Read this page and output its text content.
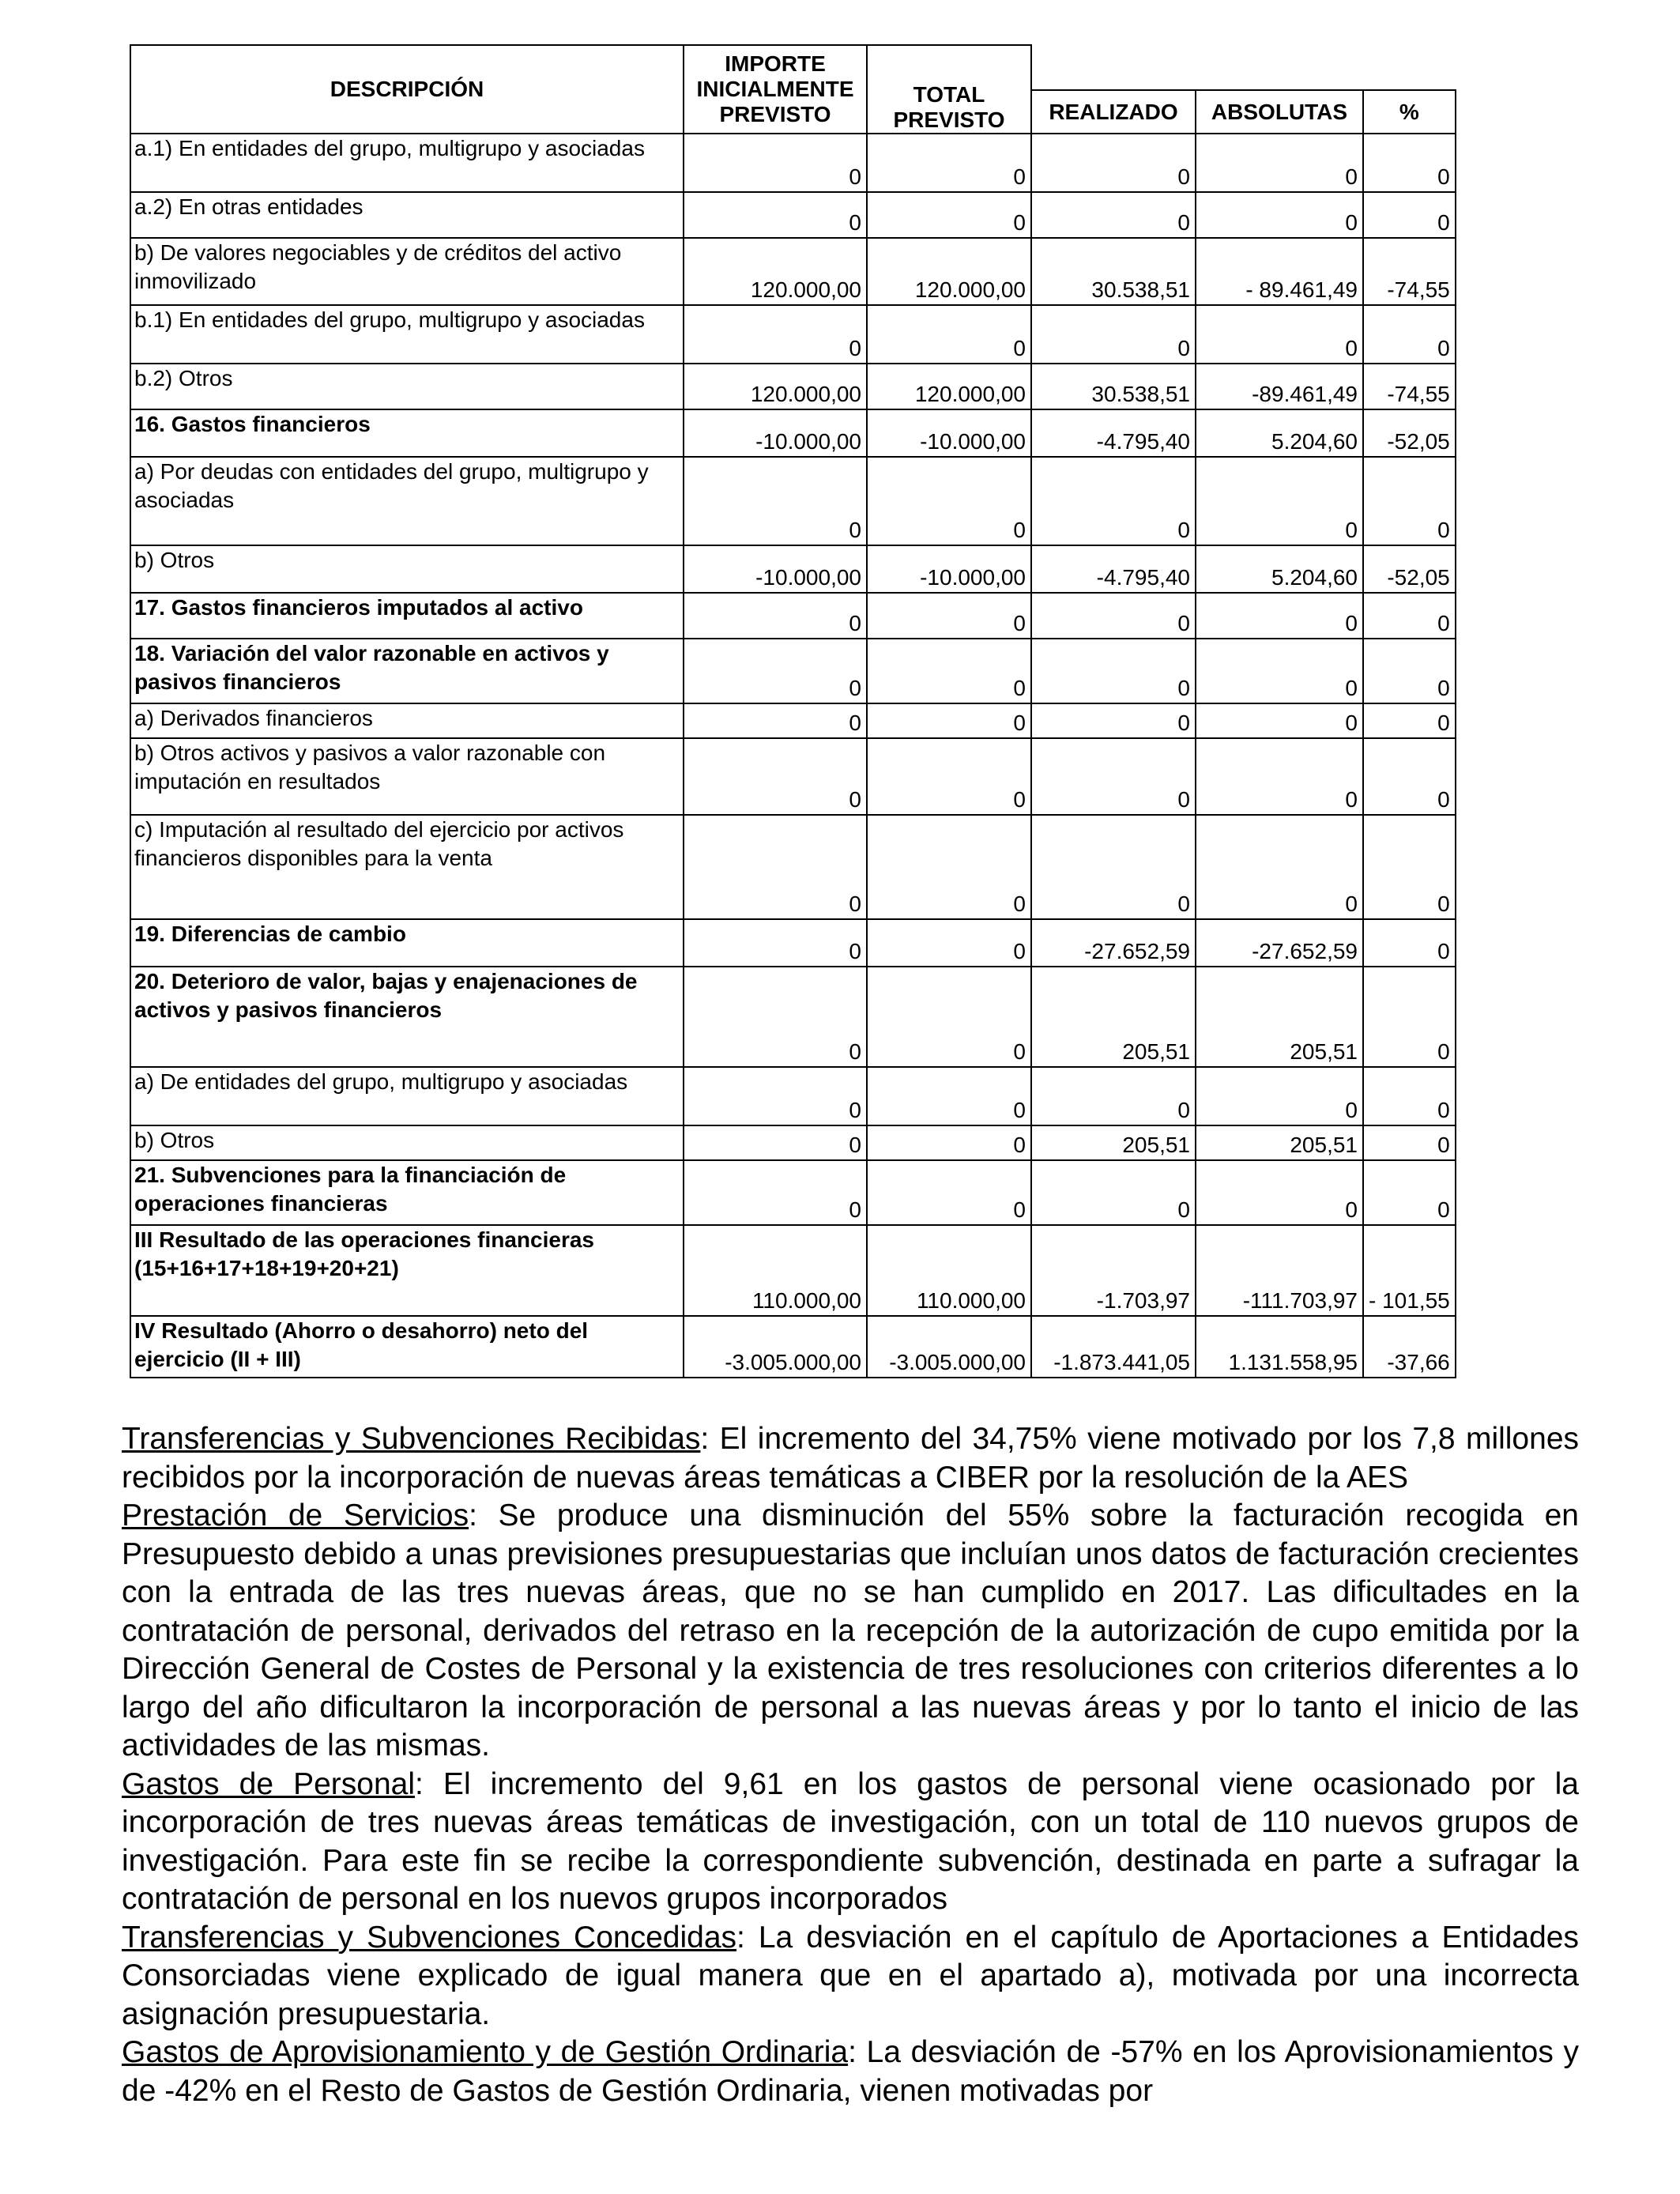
DESCRIPCIÓN	IMPORTE INICIALMENTE PREVISTO	TOTAL PREVISTO			
			REALIZADO	ABSOLUTAS	%
a.1) En entidades del grupo, multigrupo y asociadas	0	0	0	0	0
a.2) En otras entidades	0	0	0	0	0
b) De valores negociables y de créditos del activo inmovilizado	120.000,00	120.000,00	30.538,51	- 89.461,49	-74,55
b.1) En entidades del grupo, multigrupo y asociadas	0	0	0	0	0
b.2) Otros	120.000,00	120.000,00	30.538,51	-89.461,49	-74,55
16. Gastos financieros	-10.000,00	-10.000,00	-4.795,40	5.204,60	-52,05
a) Por deudas con entidades del grupo, multigrupo y asociadas	0	0	0	0	0
b) Otros	-10.000,00	-10.000,00	-4.795,40	5.204,60	-52,05
17. Gastos financieros imputados al activo	0	0	0	0	0
18. Variación del valor razonable en activos y pasivos financieros	0	0	0	0	0
a) Derivados financieros	0	0	0	0	0
b) Otros activos y pasivos a valor razonable con imputación en resultados	0	0	0	0	0
c) Imputación al resultado del ejercicio por activos financieros disponibles para la venta	0	0	0	0	0
19. Diferencias de cambio	0	0	-27.652,59	-27.652,59	0
20. Deterioro de valor, bajas y enajenaciones de activos y pasivos financieros	0	0	205,51	205,51	0
a) De entidades del grupo, multigrupo y asociadas	0	0	0	0	0
b) Otros	0	0	205,51	205,51	0
21. Subvenciones para la financiación de operaciones financieras	0	0	0	0	0
III Resultado de las operaciones financieras (15+16+17+18+19+20+21)	110.000,00	110.000,00	-1.703,97	-111.703,97	- 101,55
IV Resultado (Ahorro o desahorro) neto del ejercicio (II + III)	-3.005.000,00	-3.005.000,00	-1.873.441,05	1.131.558,95	-37,66

Transferencias y Subvenciones Recibidas: El incremento del 34,75% viene motivado por los 7,8 millones recibidos por la incorporación de nuevas áreas temáticas a CIBER por la resolución de la AES

Prestación de Servicios: Se produce una disminución del 55% sobre la facturación recogida en Presupuesto debido a unas previsiones presupuestarias que incluían unos datos de facturación crecientes con la entrada de las tres nuevas áreas, que no se han cumplido en 2017. Las dificultades en la contratación de personal, derivados del retraso en la recepción de la autorización de cupo emitida por la Dirección General de Costes de Personal y la existencia de tres resoluciones con criterios diferentes a lo largo del año dificultaron la incorporación de personal a las nuevas áreas y por lo tanto el inicio de las actividades de las mismas.

Gastos de Personal: El incremento del 9,61 en los gastos de personal viene ocasionado por la incorporación de tres nuevas áreas temáticas de investigación, con un total de 110 nuevos grupos de investigación. Para este fin se recibe la correspondiente subvención, destinada en parte a sufragar la contratación de personal en los nuevos grupos incorporados

Transferencias y Subvenciones Concedidas: La desviación en el capítulo de Aportaciones a Entidades Consorciadas viene explicado de igual manera que en el apartado a), motivada por una incorrecta asignación presupuestaria.

Gastos de Aprovisionamiento y de Gestión Ordinaria: La desviación de -57% en los Aprovisionamientos y de -42% en el Resto de Gastos de Gestión Ordinaria, vienen motivadas por
